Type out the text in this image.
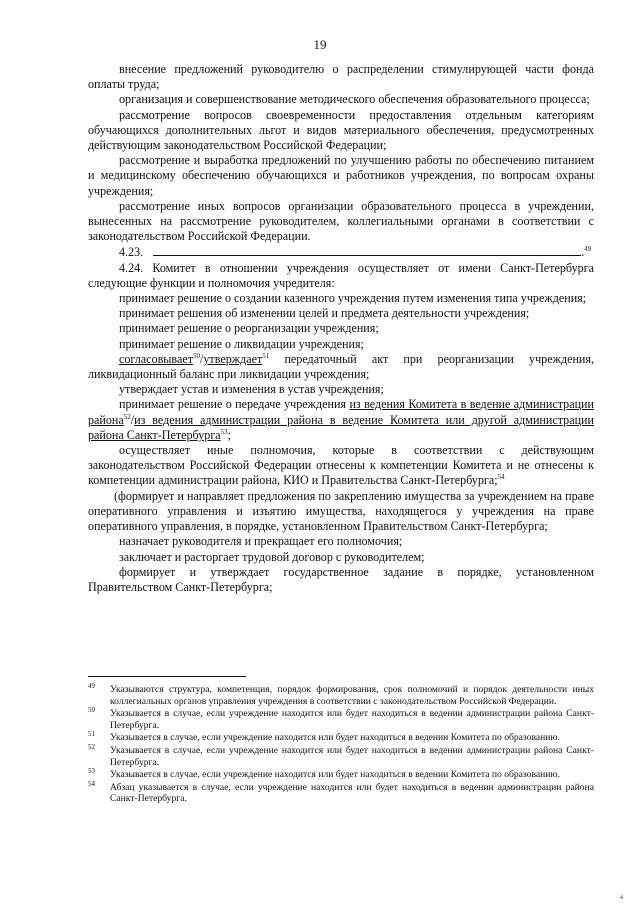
19

внесение предложений руководителю о распределении стимулирующей части фонда оплаты труда;

организация и совершенствование методического обеспечения образовательного процесса;

рассмотрение вопросов своевременности предоставления отдельным категориям обучающихся дополнительных льгот и видов материального обеспечения, предусмотренных действующим законодательством Российской Федерации;

рассмотрение и выработка предложений по улучшению работы по обеспечению питанием и медицинскому обеспечению обучающихся и работников учреждения, по вопросам охраны учреждения;

рассмотрение иных вопросов организации образовательного процесса в учреждении, вынесенных на рассмотрение руководителем, коллегиальными органами в соответствии с законодательством Российской Федерации.

4.23.	.$^{49}$

4.24. Комитет в отношении учреждения осуществляет от имени Санкт-Петербурга следующие функции и полномочия учредителя:

принимает решение о создании казенного учреждения путем изменения типа учреждения;

принимает решения об изменении целей и предмета деятельности учреждения;

принимает решение о реорганизации учреждения;

принимает решение о ликвидации учреждения;

согласовывает$^{50}$/утверждает$^{51}$ передаточный акт при реорганизации учреждения, ликвидационный баланс при ликвидации учреждения;

утверждает устав и изменения в устав учреждения;

принимает решение о передаче учреждения из ведения Комитета в ведение администрации района$^{52}$/из ведения администрации района в ведение Комитета или другой администрации района Санкт-Петербурга$^{53}$;

осуществляет иные полномочия, которые в соответствии с действующим законодательством Российской Федерации отнесены к компетенции Комитета и не отнесены к компетенции администрации района, КИО и Правительства Санкт-Петербурга;$^{54}$

(формирует и направляет предложения по закреплению имущества за учреждением на праве оперативного управления и изъятию имущества, находящегося у учреждения на праве оперативного управления, в порядке, установленном Правительством Санкт-Петербурга;

назначает руководителя и прекращает его полномочия;

заключает и расторгает трудовой договор с руководителем;

формирует и утверждает государственное задание в порядке, установленном Правительством Санкт-Петербурга;

49 Указываются структура, компетенция, порядок формирования, срок полномочий и порядок деятельности иных коллегиальных органов управления учреждения в соответствии с законодательством Российской Федерации.

50 Указывается в случае, если учреждение находится или будет находиться в ведении администрации района Санкт-Петербурга.

51 Указывается в случае, если учреждение находится или будет находиться в ведении Комитета по образованию.

52 Указывается в случае, если учреждение находится или будет находиться в ведении администрации района Санкт-Петербурга.

53 Указывается в случае, если учреждение находится или будет находиться в ведении Комитета по образованию.

54 Абзац указывается в случае, если учреждение находится или будет находиться в ведении администрации района Санкт-Петербурга.

4
